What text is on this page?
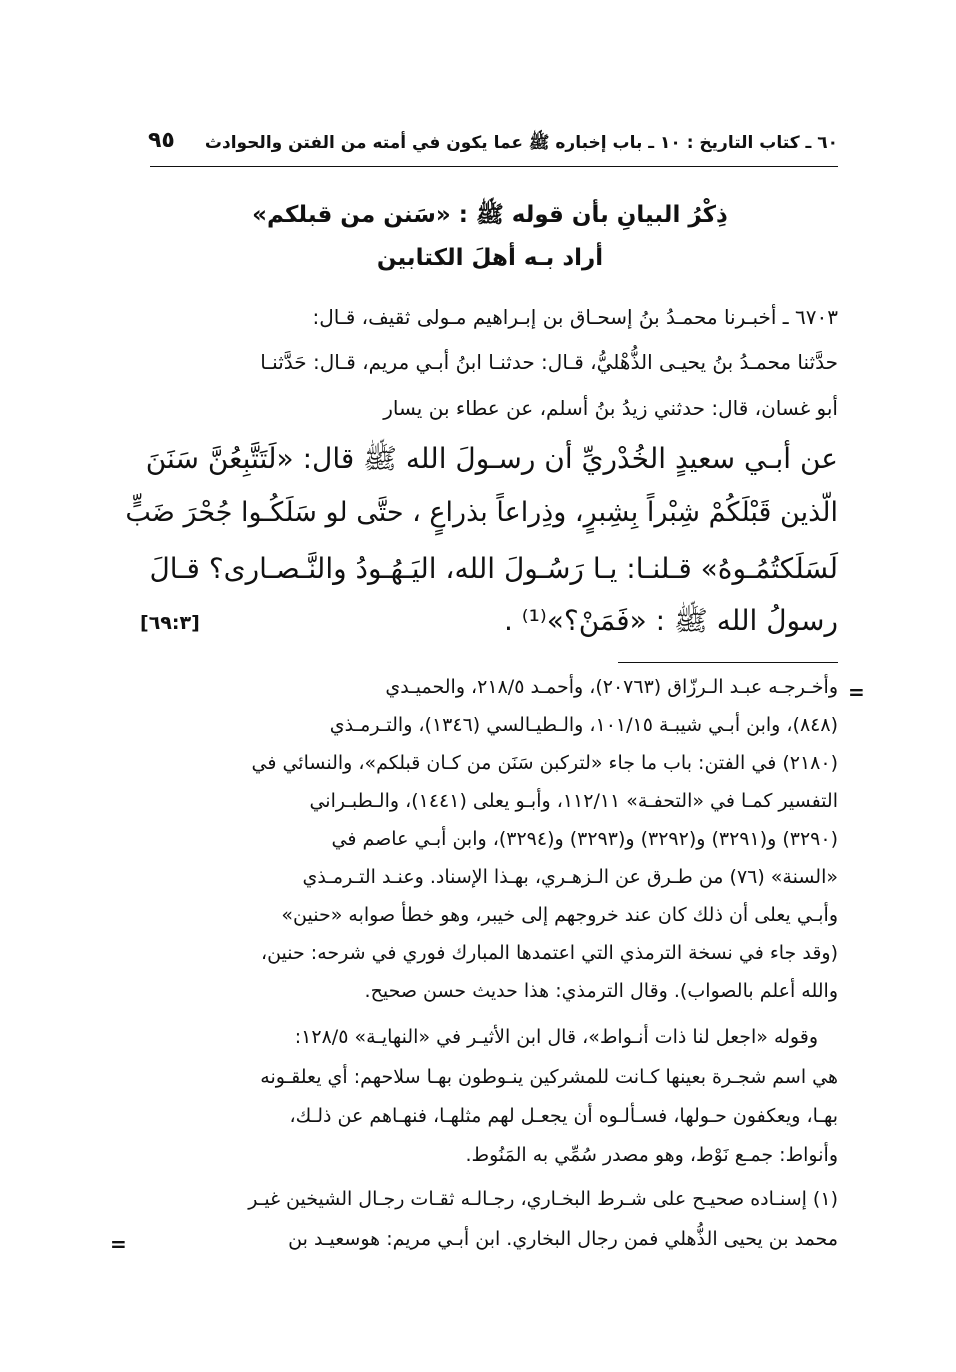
٦٠ ـ كتاب التاريخ : ١٠ ـ باب إخباره ﷺ عما يكون في أمته من الفتن والحوادث
٩٥
ذِكْرُ البيانِ بأن قوله ﷺ : «سَنن من قبلكم»
أراد بـه أهلَ الكتابين
٦٧٠٣ ـ أخبـرنا محمـدُ بنُ إسحـاق بن إبـراهيم مـولى ثقيف، قـال:
حدَّثنا محمـدُ بنُ يحيـى الذُّهْليُّ، قـال: حدثنـا ابنُ أبـي مريم، قـال: حَدَّثنـا
أبو غسان، قال: حدثني زيدُ بنُ أسلم، عن عطاء بن يسار
عن أبـي سعيدٍ الخُدْريِّ أن رسـولَ الله ﷺ قال: «لَتَتَّبِعُنَّ سَنَنَ
الّذين قَبْلَكُمْ شِبْراً بِشِبرٍ، وذِراعاً بذراعٍ ، حتَّى لو سَلَكُـوا جُحْرَ ضَبٍّ
لَسَلَكتُمُـوهُ» قـلنـا: يـا رَسُـولَ الله، اليَـهُـودُ والنَّـصـارى؟ قـالَ
رسولُ الله ﷺ : «فَمَنْ؟»⁽¹⁾ .
[٦٩:٣]
=
وأخـرجـه عبـد الـرزّاق (٢٠٧٦٣)، وأحمـد ٢١٨/٥، والحميـدي
(٨٤٨)، وابن أبـي شيبـة ١٠١/١٥، والـطيـالسي (١٣٤٦)، والتـرمـذي
(٢١٨٠) في الفتن: باب ما جاء «لتركبن سَنَن من كـان قبلكم»، والنسائي في
التفسير كمـا في «التحفـة» ١١٢/١١، وأبـو يعلى (١٤٤١)، والـطبـراني
(٣٢٩٠) و(٣٢٩١) و(٣٢٩٢) و(٣٢٩٣) و(٣٢٩٤)، وابن أبـي عاصم في
«السنة» (٧٦) من طـرق عن الـزهـري، بهـذا الإسناد. وعنـد التـرمـذي
وأبـي يعلى أن ذلك كان عند خروجهم إلى خيبر، وهو خطأ صوابه «حنين»
(وقد جاء في نسخة الترمذي التي اعتمدها المبارك فوري في شرحه: حنين،
والله أعلم بالصواب). وقال الترمذي: هذا حديث حسن صحيح.
وقوله «اجعل لنا ذات أنـواط»، قال ابن الأثيـر في «النهايـة» ١٢٨/٥:
هي اسم شجـرة بعينها كـانت للمشركين ينـوطون بهـا سلاحهم: أي يعلقـونه
بهـا، ويعكفون حـولها، فسـألـوه أن يجعـل لهم مثلهـا، فنهـاهم عن ذلـك،
وأنواط: جمـع نَوْط، وهو مصدر سُمِّي به المَنُوط.
(١) إسنـاده صحيـح على شـرط البخـاري، رجـالـه ثقـات رجـال الشيخين غيـر
محمد بن يحيى الذُّهلي فمن رجال البخاري. ابن أبـي مريم: هوسعيـد بن
=
